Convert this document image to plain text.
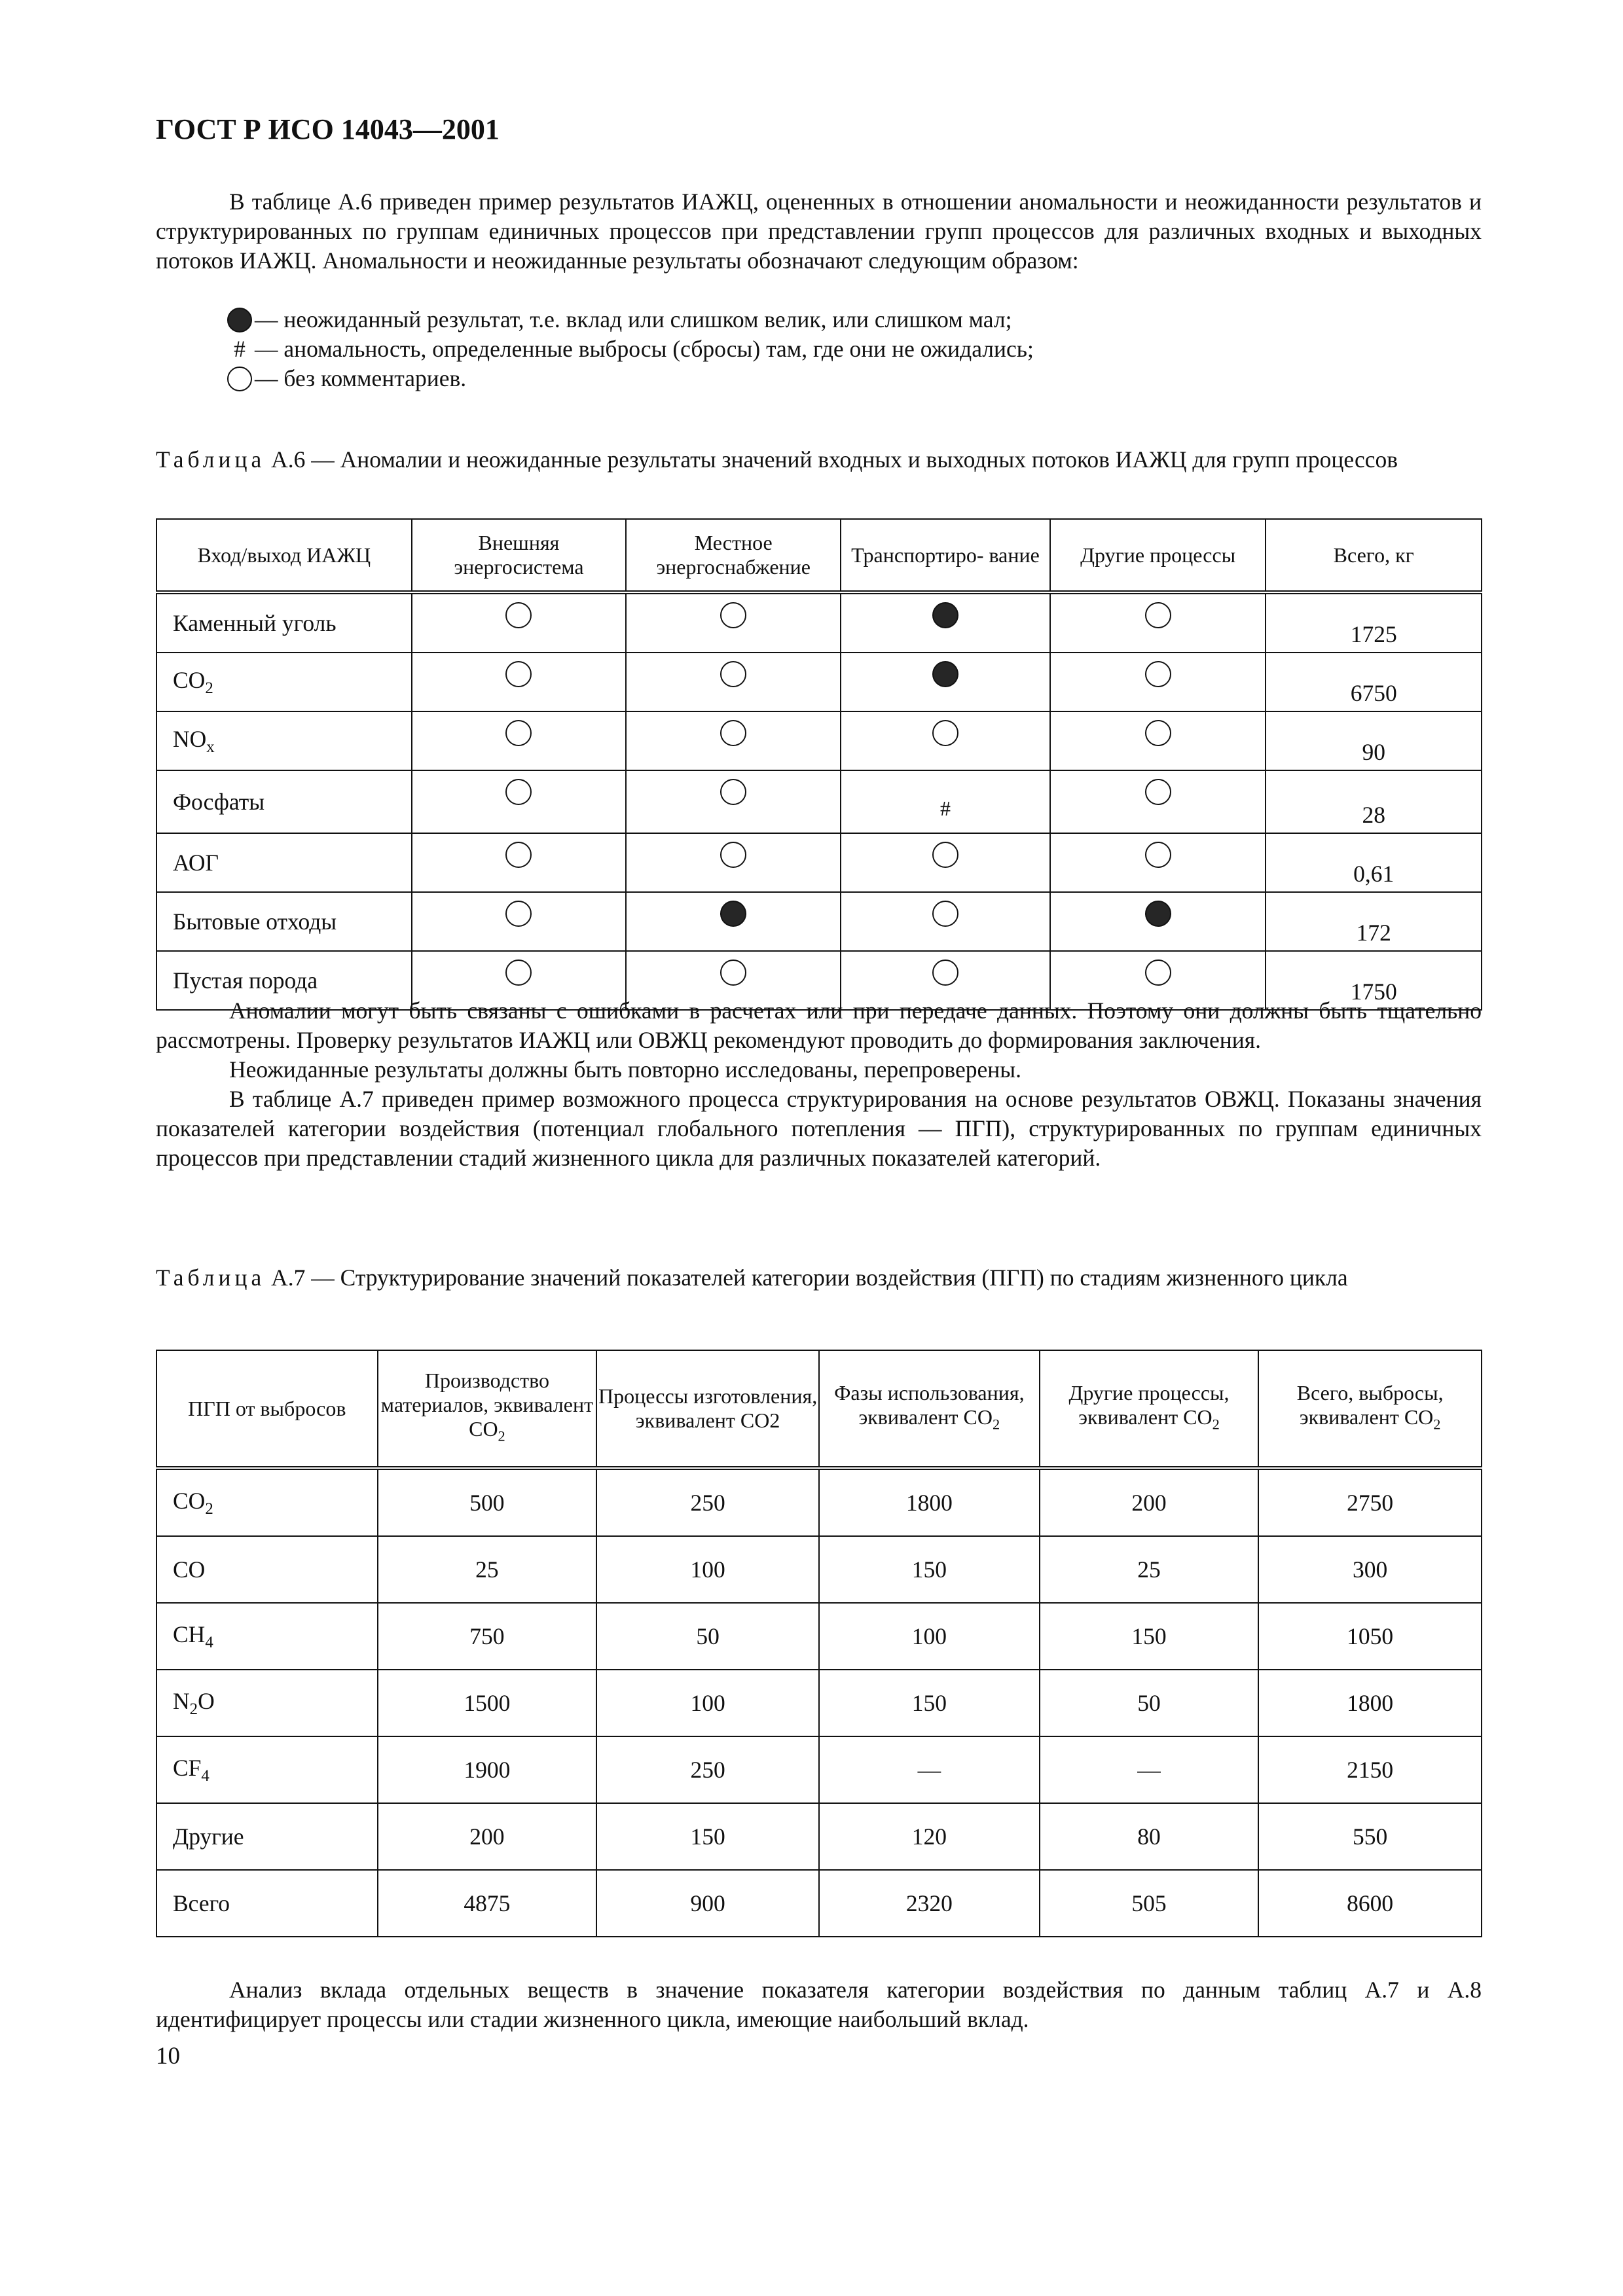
ГОСТ Р ИСО 14043—2001
В таблице А.6 приведен пример результатов ИАЖЦ, оцененных в отношении аномальности и неожиданности результатов и структурированных по группам единичных процессов при представлении групп процессов для различных входных и выходных потоков ИАЖЦ. Аномальности и неожиданные результаты обозначают следующим образом:
— неожиданный результат, т.е. вклад или слишком велик, или слишком мал;
# — аномальность, определенные выбросы (сбросы) там, где они не ожидались;
— без комментариев.
Таблица А.6 — Аномалии и неожиданные результаты значений входных и выходных потоков ИАЖЦ для групп процессов
Вход/выход ИАЖЦ	Внешняя энергосистема	Местное энергоснабжение	Транспортиро- вание	Другие процессы	Всего, кг
Каменный уголь					1725
$CO_2$					6750
$NO_x$					90
Фосфаты			#		28
АОГ					0,61
Бытовые отходы					172
Пустая порода					1750
Аномалии могут быть связаны с ошибками в расчетах или при передаче данных. Поэтому они должны быть тщательно рассмотрены. Проверку результатов ИАЖЦ или ОВЖЦ рекомендуют проводить до формирования заключения.
Неожиданные результаты должны быть повторно исследованы, перепроверены.
В таблице А.7 приведен пример возможного процесса структурирования на основе результатов ОВЖЦ. Показаны значения показателей категории воздействия (потенциал глобального потепления — ПГП), структурированных по группам единичных процессов при представлении стадий жизненного цикла для различных показателей категорий.
Таблица А.7 — Структурирование значений показателей категории воздействия (ПГП) по стадиям жизненного цикла
ПГП от выбросов	Производство материалов, эквивалент $CO_2$	Процессы изготовления, эквивалент CO2	Фазы использования, эквивалент $CO_2$	Другие процессы, эквивалент $CO_2$	Всего, выбросы, эквивалент $CO_2$
$CO_2$	500	250	1800	200	2750
CO	25	100	150	25	300
$CH_4$	750	50	100	150	1050
$N_2O$	1500	100	150	50	1800
$CF_4$	1900	250	—	—	2150
Другие	200	150	120	80	550
Всего	4875	900	2320	505	8600
Анализ вклада отдельных веществ в значение показателя категории воздействия по данным таблиц А.7 и А.8 идентифицирует процессы или стадии жизненного цикла, имеющие наибольший вклад.
10
